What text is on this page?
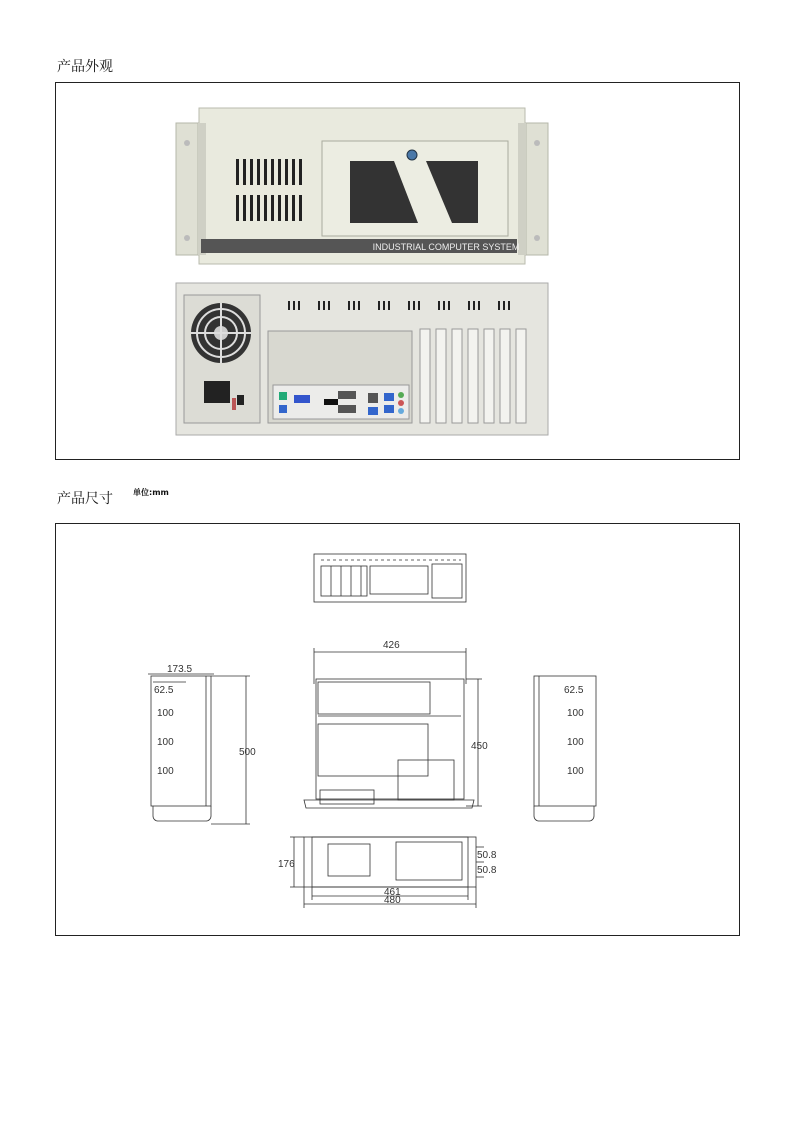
产品外观
INDUSTRIAL COMPUTER SYSTEM
产品尺寸	单位:mm
173.5
62.5
100
100
100
500
426
450
62.5
100
100
100
176
50.8
50.8
461
480
